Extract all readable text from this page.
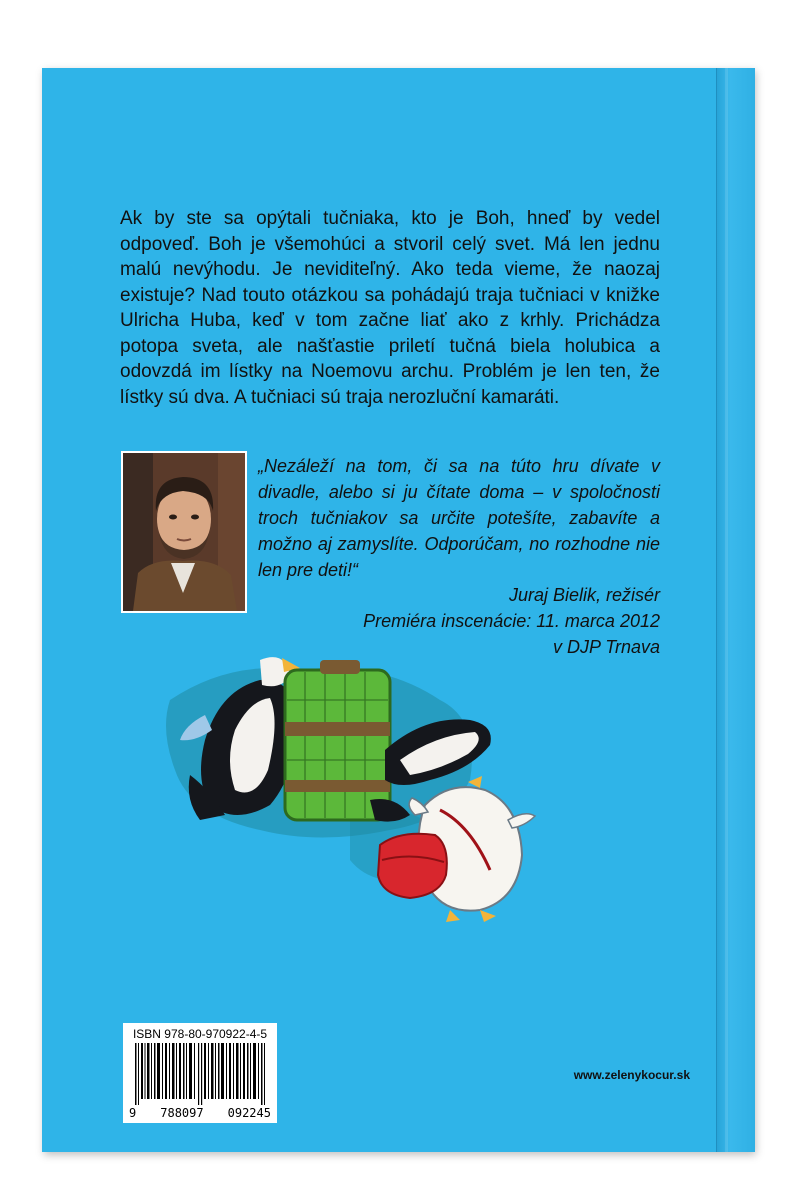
Ak by ste sa opýtali tučniaka, kto je Boh, hneď by vedel odpoveď. Boh je všemohúci a stvoril celý svet. Má len jednu malú nevýhodu. Je neviditeľný. Ako teda vieme, že naozaj existuje? Nad touto otázkou sa pohádajú traja tučniaci v knižke Ulricha Huba, keď v tom začne liať ako z krhly. Prichádza potopa sveta, ale našťastie priletí tučná biela holubica a odovzdá im lístky na Noemovu archu. Problém je len ten, že lístky sú dva. A tučniaci sú traja nerozluční kamaráti.

„Nezáleží na tom, či sa na túto hru dívate v divadle, alebo si ju čítate doma – v spoločnosti troch tučniakov sa určite potešíte, zabavíte a možno aj zamyslíte. Odporúčam, no rozhodne nie len pre deti!“

Juraj Bielik, režisér
Premiéra inscenácie: 11. marca 2012
v DJP Trnava
ISBN 978-80-970922-4-5
9 788097 092245
www.zelenykocur.sk
